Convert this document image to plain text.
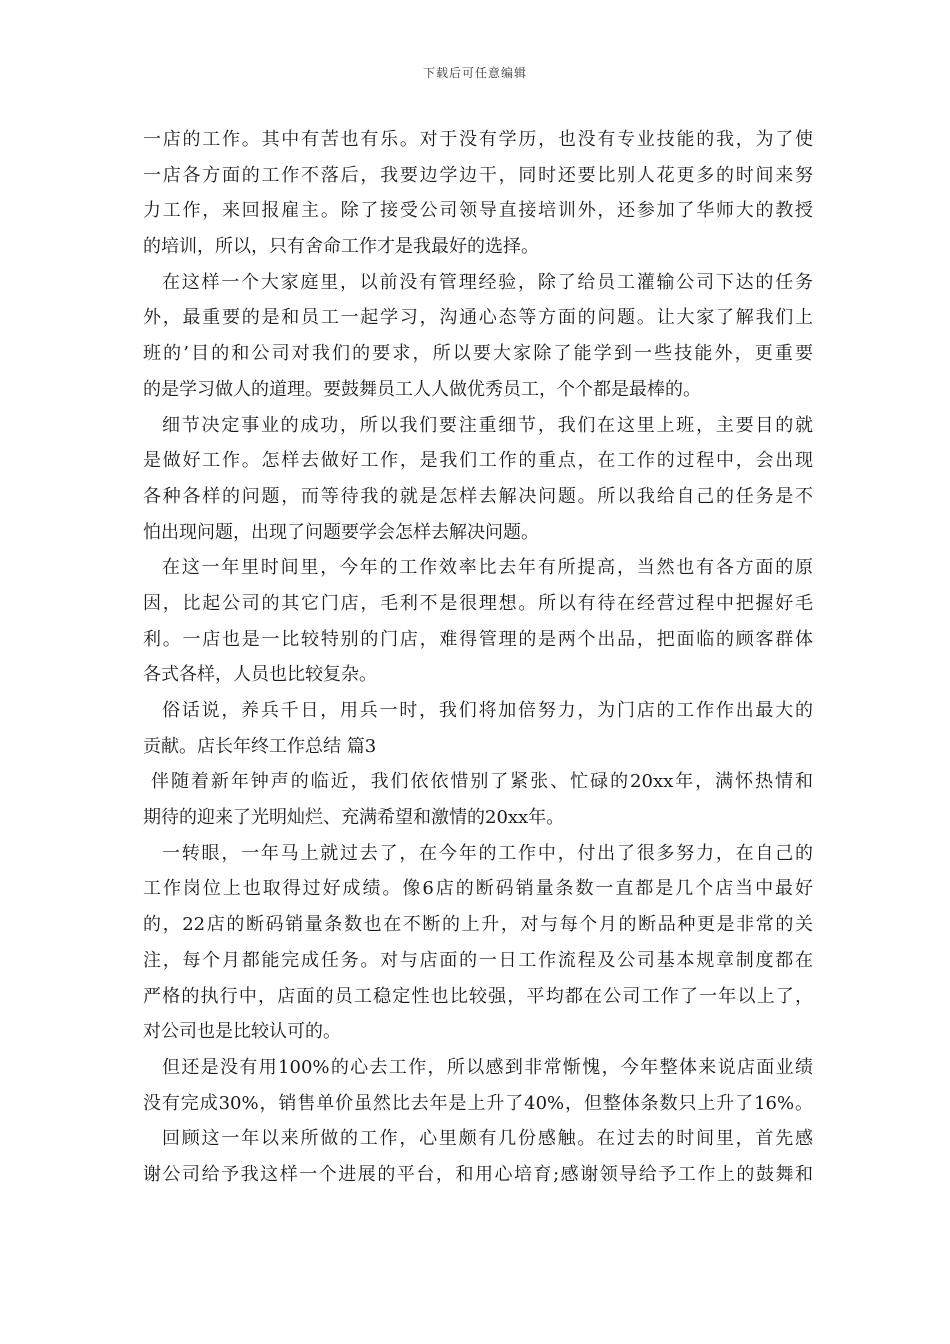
下载后可任意编辑
一店的工作。其中有苦也有乐。对于没有学历，也没有专业技能的我，为了使
一店各方面的工作不落后，我要边学边干，同时还要比别人花更多的时间来努
力工作，来回报雇主。除了接受公司领导直接培训外，还参加了华师大的教授
的培训，所以，只有舍命工作才是我最好的选择。
在这样一个大家庭里，以前没有管理经验，除了给员工灌输公司下达的任务
外，最重要的是和员工一起学习，沟通心态等方面的问题。让大家了解我们上
班的’目的和公司对我们的要求，所以要大家除了能学到一些技能外，更重要
的是学习做人的道理。要鼓舞员工人人做优秀员工，个个都是最棒的。
细节决定事业的成功，所以我们要注重细节，我们在这里上班，主要目的就
是做好工作。怎样去做好工作，是我们工作的重点，在工作的过程中，会出现
各种各样的问题，而等待我的就是怎样去解决问题。所以我给自己的任务是不
怕出现问题，出现了问题要学会怎样去解决问题。
在这一年里时间里，今年的工作效率比去年有所提高，当然也有各方面的原
因，比起公司的其它门店，毛利不是很理想。所以有待在经营过程中把握好毛
利。一店也是一比较特别的门店，难得管理的是两个出品，把面临的顾客群体
各式各样，人员也比较复杂。
俗话说，养兵千日，用兵一时，我们将加倍努力，为门店的工作作出最大的
贡献。店长年终工作总结 篇3
伴随着新年钟声的临近，我们依依惜别了紧张、忙碌的20xx年，满怀热情和
期待的迎来了光明灿烂、充满希望和激情的20xx年。
一转眼，一年马上就过去了，在今年的工作中，付出了很多努力，在自己的
工作岗位上也取得过好成绩。像6店的断码销量条数一直都是几个店当中最好
的，22店的断码销量条数也在不断的上升，对与每个月的断品种更是非常的关
注，每个月都能完成任务。对与店面的一日工作流程及公司基本规章制度都在
严格的执行中，店面的员工稳定性也比较强，平均都在公司工作了一年以上了，
对公司也是比较认可的。
但还是没有用100%的心去工作，所以感到非常惭愧，今年整体来说店面业绩
没有完成30%，销售单价虽然比去年是上升了40%，但整体条数只上升了16%。
回顾这一年以来所做的工作，心里颇有几份感触。在过去的时间里，首先感
谢公司给予我这样一个进展的平台，和用心培育;感谢领导给予工作上的鼓舞和
